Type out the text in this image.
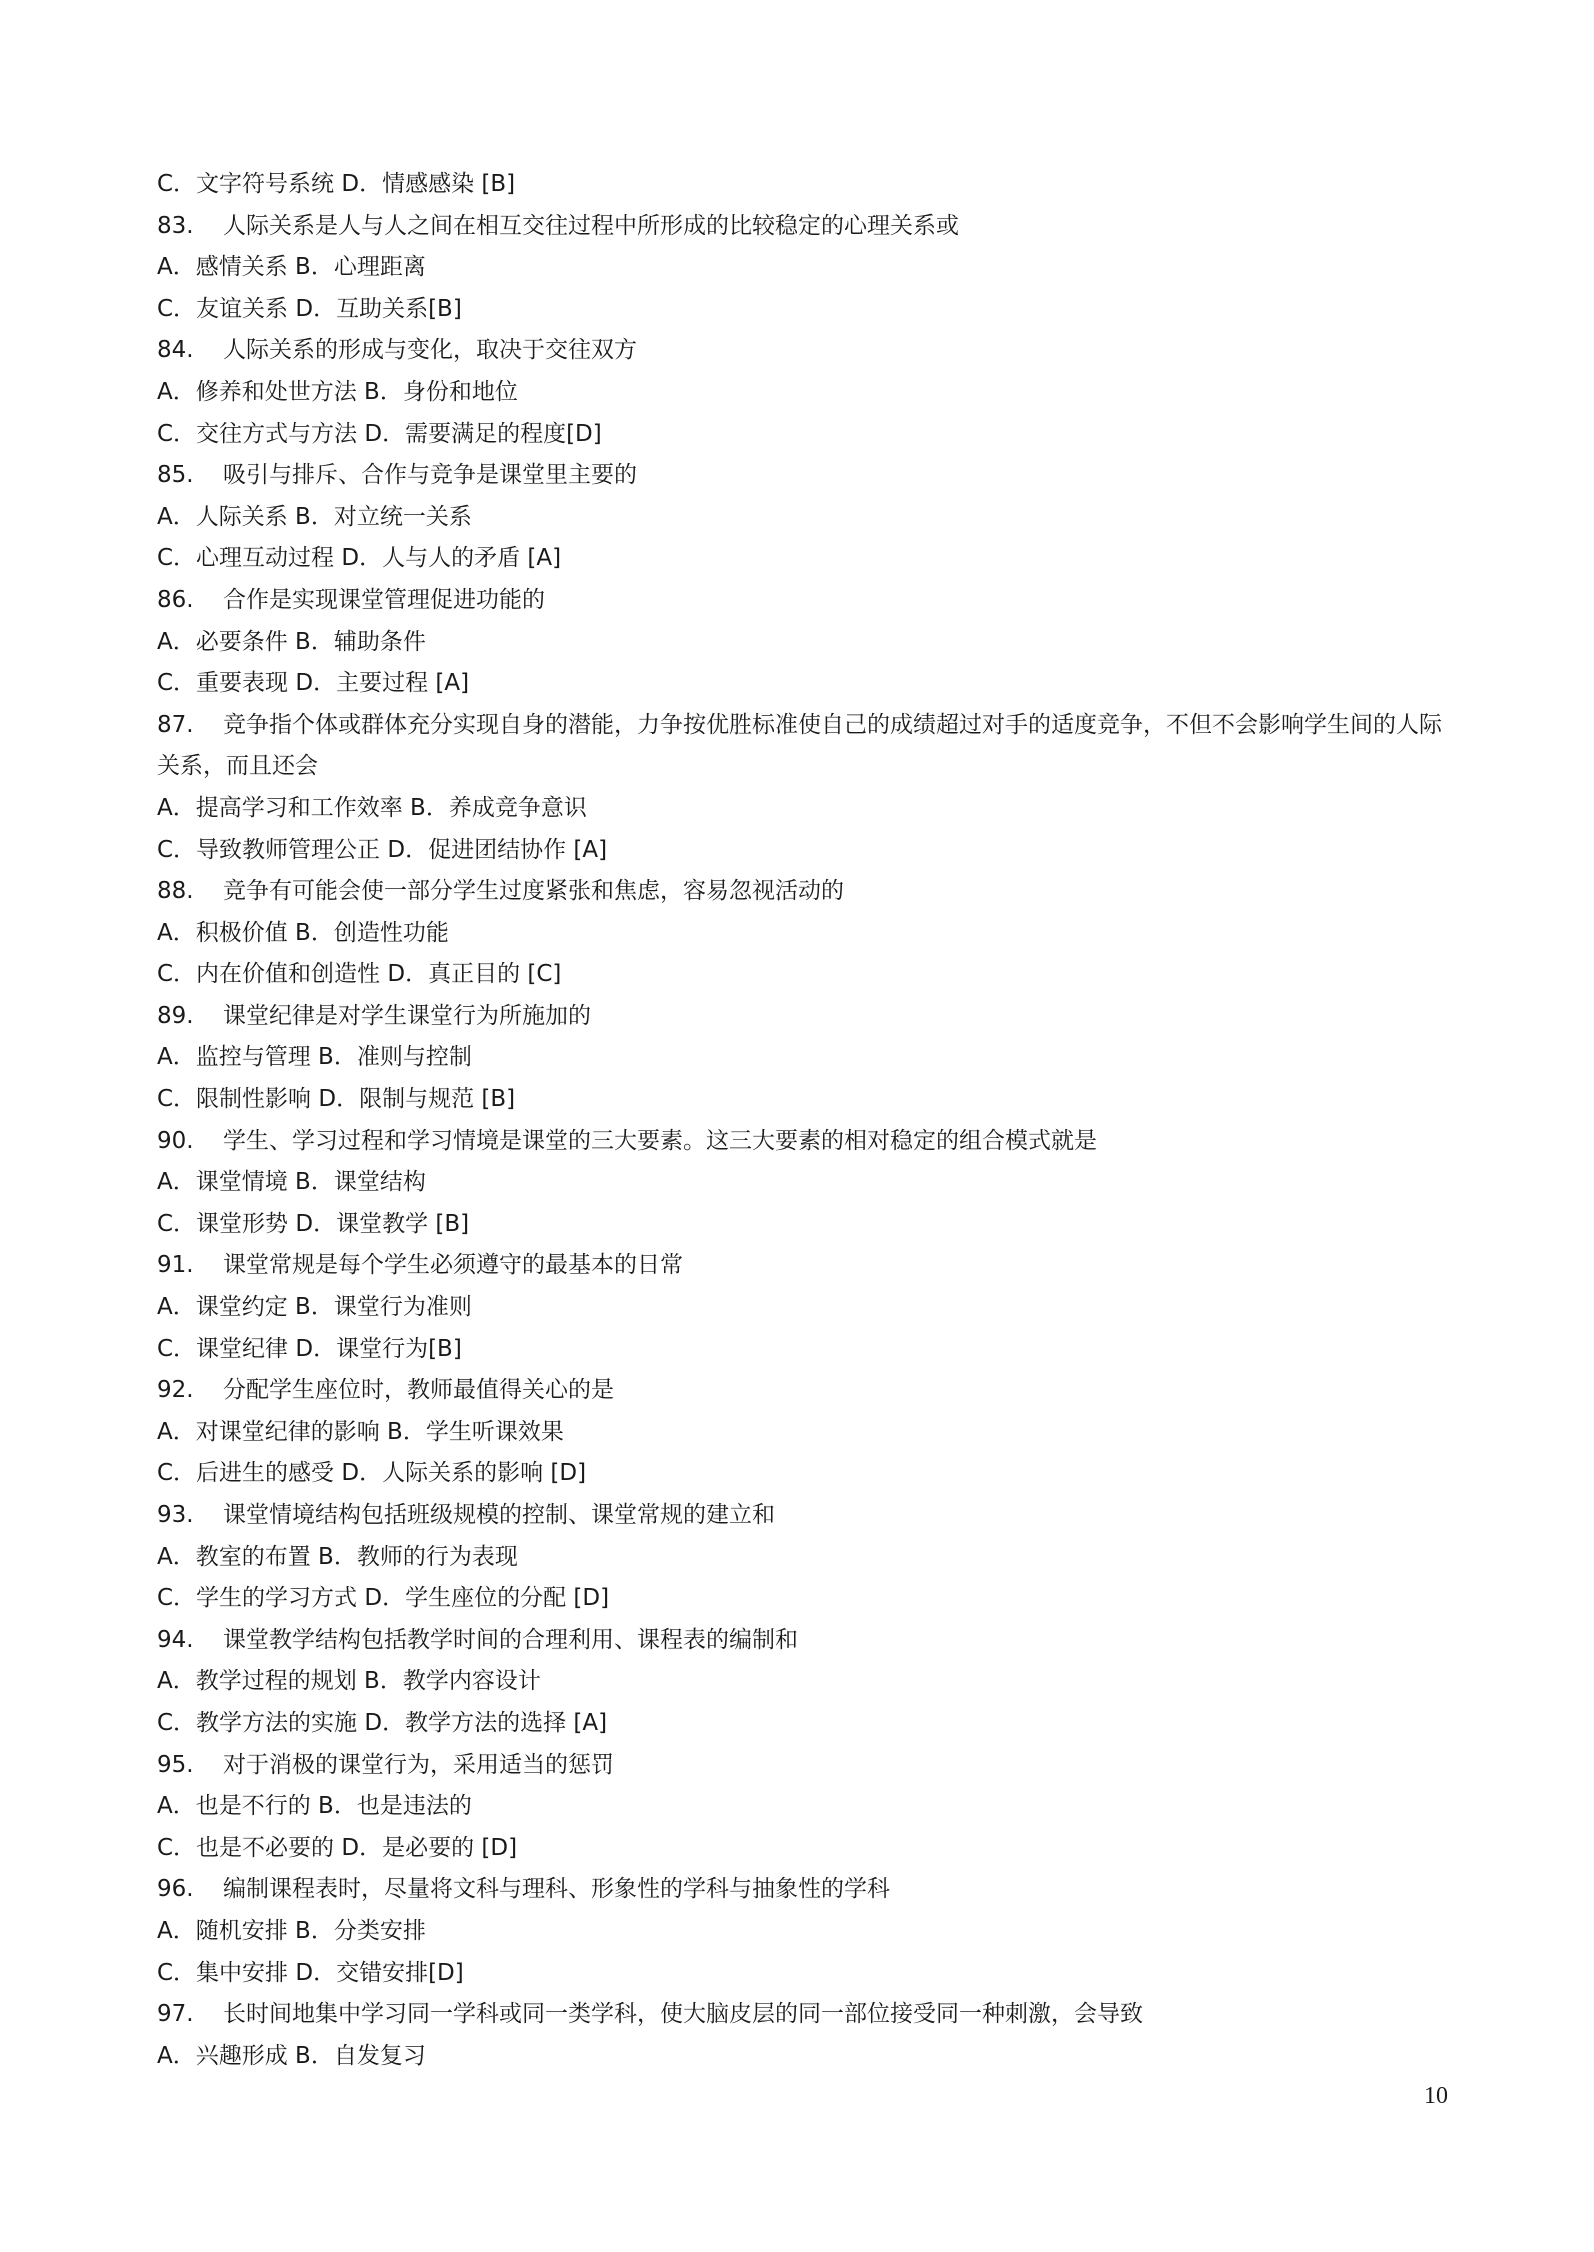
C．文字符号系统 D．情感感染 [B]
83. 人际关系是人与人之间在相互交往过程中所形成的比较稳定的心理关系或
A．感情关系 B．心理距离
C．友谊关系 D．互助关系[B]
84. 人际关系的形成与变化，取决于交往双方
A．修养和处世方法 B．身份和地位
C．交往方式与方法 D．需要满足的程度[D]
85. 吸引与排斥、合作与竞争是课堂里主要的
A．人际关系 B．对立统一关系
C．心理互动过程 D．人与人的矛盾 [A]
86. 合作是实现课堂管理促进功能的
A．必要条件 B．辅助条件
C．重要表现 D．主要过程 [A]
87. 竞争指个体或群体充分实现自身的潜能，力争按优胜标准使自己的成绩超过对手的适度竞争，不但不会影响学生间的人际关系，而且还会
A．提高学习和工作效率 B．养成竞争意识
C．导致教师管理公正 D．促进团结协作 [A]
88. 竞争有可能会使一部分学生过度紧张和焦虑，容易忽视活动的
A．积极价值 B．创造性功能
C．内在价值和创造性 D．真正目的 [C]
89. 课堂纪律是对学生课堂行为所施加的
A．监控与管理 B．准则与控制
C．限制性影响 D．限制与规范 [B]
90. 学生、学习过程和学习情境是课堂的三大要素。这三大要素的相对稳定的组合模式就是
A．课堂情境 B．课堂结构
C．课堂形势 D．课堂教学 [B]
91. 课堂常规是每个学生必须遵守的最基本的日常
A．课堂约定 B．课堂行为准则
C．课堂纪律 D．课堂行为[B]
92. 分配学生座位时，教师最值得关心的是
A．对课堂纪律的影响 B．学生听课效果
C．后进生的感受 D．人际关系的影响 [D]
93. 课堂情境结构包括班级规模的控制、课堂常规的建立和
A．教室的布置 B．教师的行为表现
C．学生的学习方式 D．学生座位的分配 [D]
94. 课堂教学结构包括教学时间的合理利用、课程表的编制和
A．教学过程的规划 B．教学内容设计
C．教学方法的实施 D．教学方法的选择 [A]
95. 对于消极的课堂行为，采用适当的惩罚
A．也是不行的 B．也是违法的
C．也是不必要的 D．是必要的 [D]
96. 编制课程表时，尽量将文科与理科、形象性的学科与抽象性的学科
A．随机安排 B．分类安排
C．集中安排 D．交错安排[D]
97. 长时间地集中学习同一学科或同一类学科，使大脑皮层的同一部位接受同一种刺激，会导致
A．兴趣形成 B．自发复习
10
